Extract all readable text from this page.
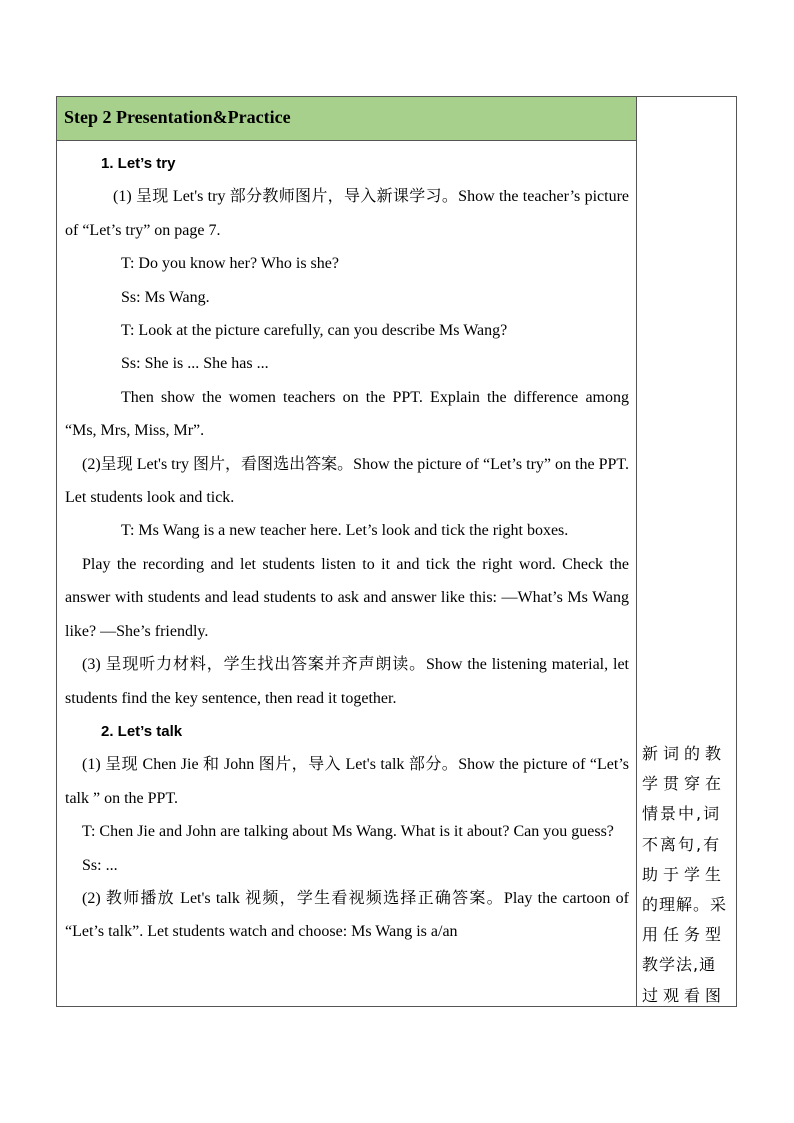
Step 2 Presentation&Practice

1. Let’s try

(1) 呈现 Let's try 部分教师图片，导入新课学习。Show the teacher’s picture of “Let’s try” on page 7.

T: Do you know her? Who is she?

Ss: Ms Wang.

T: Look at the picture carefully, can you describe Ms Wang?

Ss: She is ... She has ...

Then show the women teachers on the PPT. Explain the difference among “Ms, Mrs, Miss, Mr”.

(2)呈现 Let's try 图片，看图选出答案。Show the picture of “Let’s try” on the PPT. Let students look and tick.

T: Ms Wang is a new teacher here. Let’s look and tick the right boxes.

Play the recording and let students listen to it and tick the right word. Check the answer with students and lead students to ask and answer like this: —What’s Ms Wang like? —She’s friendly.

(3) 呈现听力材料，学生找出答案并齐声朗读。Show the listening material, let students find the key sentence, then read it together.

2. Let’s talk

(1) 呈现 Chen Jie 和 John 图片，导入 Let's talk 部分。Show the picture of “Let’s talk ” on the PPT.

T: Chen Jie and John are talking about Ms Wang. What is it about? Can you guess?

Ss: ...

(2) 教师播放 Let's talk 视频，学生看视频选择正确答案。Play the cartoon of “Let’s talk”. Let students watch and choose: Ms Wang is a/an

新词的教
学贯穿在
情景中,词
不离句,有
助于学生
的理解。采
用任务型
教学法,通
过观看图
